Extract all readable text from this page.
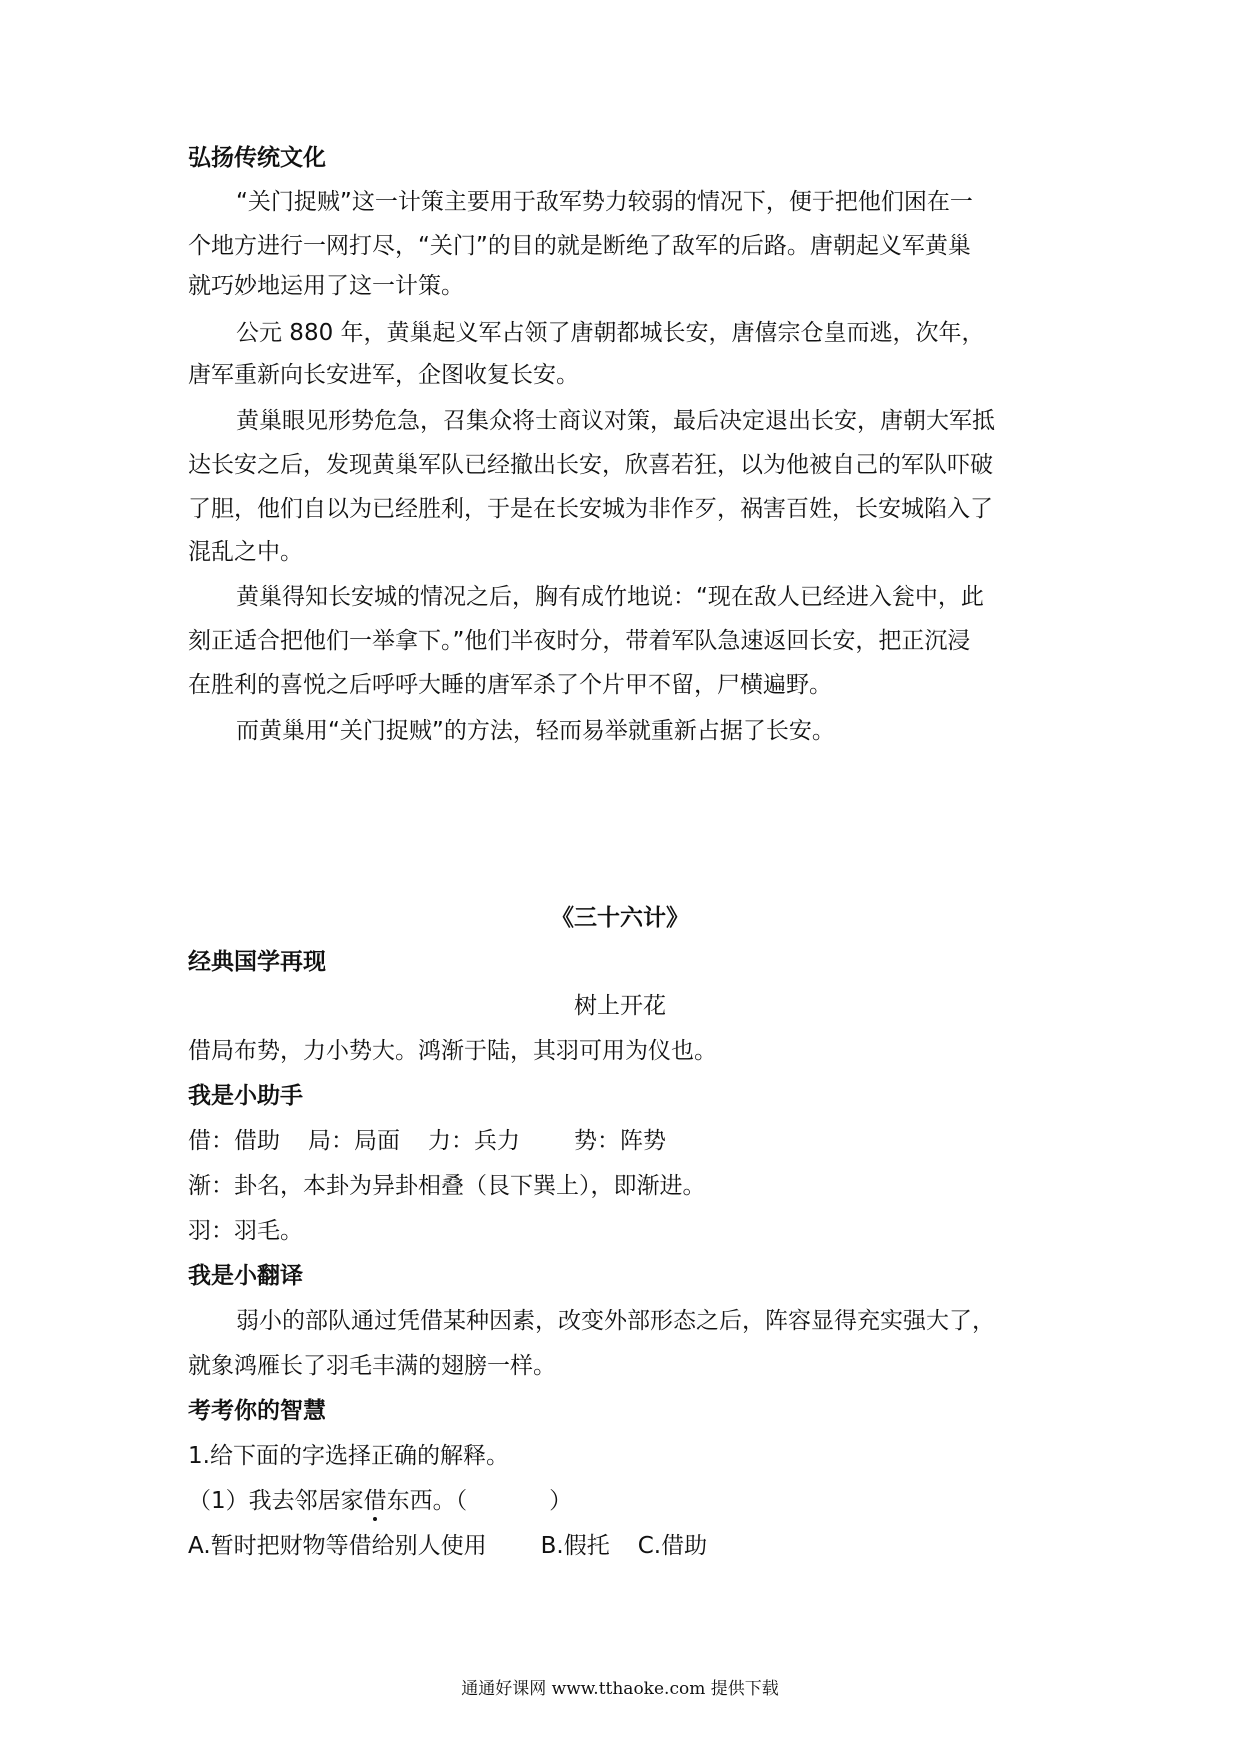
弘扬传统文化
“关门捉贼”这一计策主要用于敌军势力较弱的情况下，便于把他们困在一
个地方进行一网打尽，“关门”的目的就是断绝了敌军的后路。唐朝起义军黄巢
就巧妙地运用了这一计策。
公元 880 年，黄巢起义军占领了唐朝都城长安，唐僖宗仓皇而逃，次年，
唐军重新向长安进军，企图收复长安。
黄巢眼见形势危急，召集众将士商议对策，最后决定退出长安，唐朝大军抵
达长安之后，发现黄巢军队已经撤出长安，欣喜若狂，以为他被自己的军队吓破
了胆，他们自以为已经胜利，于是在长安城为非作歹，祸害百姓，长安城陷入了
混乱之中。
黄巢得知长安城的情况之后，胸有成竹地说：“现在敌人已经进入瓮中，此
刻正适合把他们一举拿下。”他们半夜时分，带着军队急速返回长安，把正沉浸
在胜利的喜悦之后呼呼大睡的唐军杀了个片甲不留，尸横遍野。
而黄巢用“关门捉贼”的方法，轻而易举就重新占据了长安。
《三十六计》
经典国学再现
树上开花
借局布势，力小势大。鸿渐于陆，其羽可用为仪也。
我是小助手
借：借助 局：局面 力：兵力 势：阵势
渐：卦名，本卦为异卦相叠（艮下巽上），即渐进。
羽：羽毛。
我是小翻译
弱小的部队通过凭借某种因素，改变外部形态之后，阵容显得充实强大了，
就象鸿雁长了羽毛丰满的翅膀一样。
考考你的智慧
1.给下面的字选择正确的解释。
（1）我去邻居家借东西。（	）
A.暂时把财物等借给别人使用 B.假托 C.借助
通通好课网 www.tthaoke.com 提供下载
